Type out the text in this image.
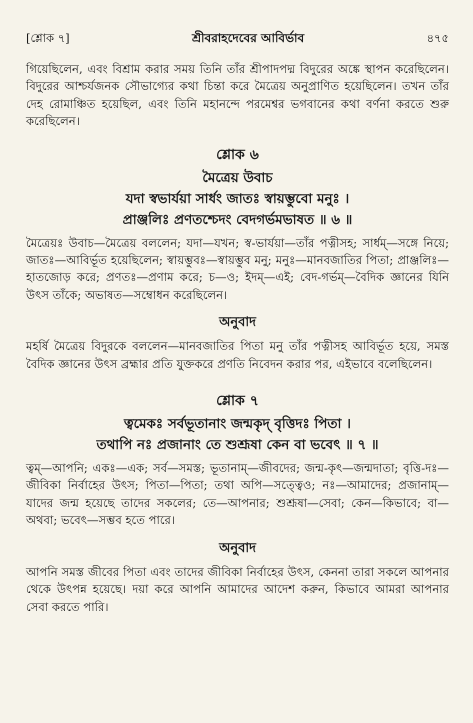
[শ্লোক ৭]	শ্রীবরাহদেবের আবির্ভাব	৪৭৫

গিয়েছিলেন, এবং বিশ্রাম করার সময় তিনি তাঁর শ্রীপাদপদ্ম বিদুরের অঙ্কে স্থাপন করেছিলেন। বিদুরের আশ্চর্যজনক সৌভাগ্যের কথা চিন্তা করে মৈত্রেয় অনুপ্রাণিত হয়েছিলেন। তখন তাঁর দেহ রোমাঞ্চিত হয়েছিল, এবং তিনি মহানন্দে পরমেশ্বর ভগবানের কথা বর্ণনা করতে শুরু করেছিলেন।

শ্লোক ৬

মৈত্রেয় উবাচ

যদা স্বভার্যয়া সার্ধং জাতঃ স্বায়ম্ভুবো মনুঃ ।
প্রাঞ্জলিঃ প্রণতশ্চেদং বেদগর্ভমভাষত ॥ ৬ ॥

মৈত্রেয়ঃ উবাচ—মৈত্রেয় বললেন; যদা—যখন; স্ব-ভার্যয়া—তাঁর পত্নীসহ; সার্ধম্—সঙ্গে নিয়ে; জাতঃ—আবির্ভূত হয়েছিলেন; স্বায়ম্ভুবঃ—স্বায়ম্ভুব মনু; মনুঃ—মানবজাতির পিতা; প্রাঞ্জলিঃ—হাতজোড় করে; প্রণতঃ—প্রণাম করে; চ—ও; ইদম্—এই; বেদ-গর্ভম্—বৈদিক জ্ঞানের যিনি উৎস তাঁকে; অভাষত—সম্বোধন করেছিলেন।

অনুবাদ

মহর্ষি মৈত্রেয় বিদুরকে বললেন—মানবজাতির পিতা মনু তাঁর পত্নীসহ আবির্ভূত হয়ে, সমস্ত বৈদিক জ্ঞানের উৎস ব্রহ্মার প্রতি যুক্তকরে প্রণতি নিবেদন করার পর, এইভাবে বলেছিলেন।

শ্লোক ৭

ত্বমেকঃ সর্বভূতানাং জন্মকৃদ্ বৃত্তিদঃ পিতা ।
তথাপি নঃ প্রজানাং তে শুশ্রূষা কেন বা ভবেৎ ॥ ৭ ॥

ত্বম্—আপনি; একঃ—এক; সর্ব—সমস্ত; ভূতানাম্—জীবদের; জন্ম-কৃৎ—জন্মদাতা; বৃত্তি-দঃ—জীবিকা নির্বাহের উৎস; পিতা—পিতা; তথা অপি—সত্ত্বেও; নঃ—আমাদের; প্রজানাম্—যাদের জন্ম হয়েছে তাদের সকলের; তে—আপনার; শুশ্রূষা—সেবা; কেন—কিভাবে; বা—অথবা; ভবেৎ—সম্ভব হতে পারে।

অনুবাদ

আপনি সমস্ত জীবের পিতা এবং তাদের জীবিকা নির্বাহের উৎস, কেননা তারা সকলে আপনার থেকে উৎপন্ন হয়েছে। দয়া করে আপনি আমাদের আদেশ করুন, কিভাবে আমরা আপনার সেবা করতে পারি।
